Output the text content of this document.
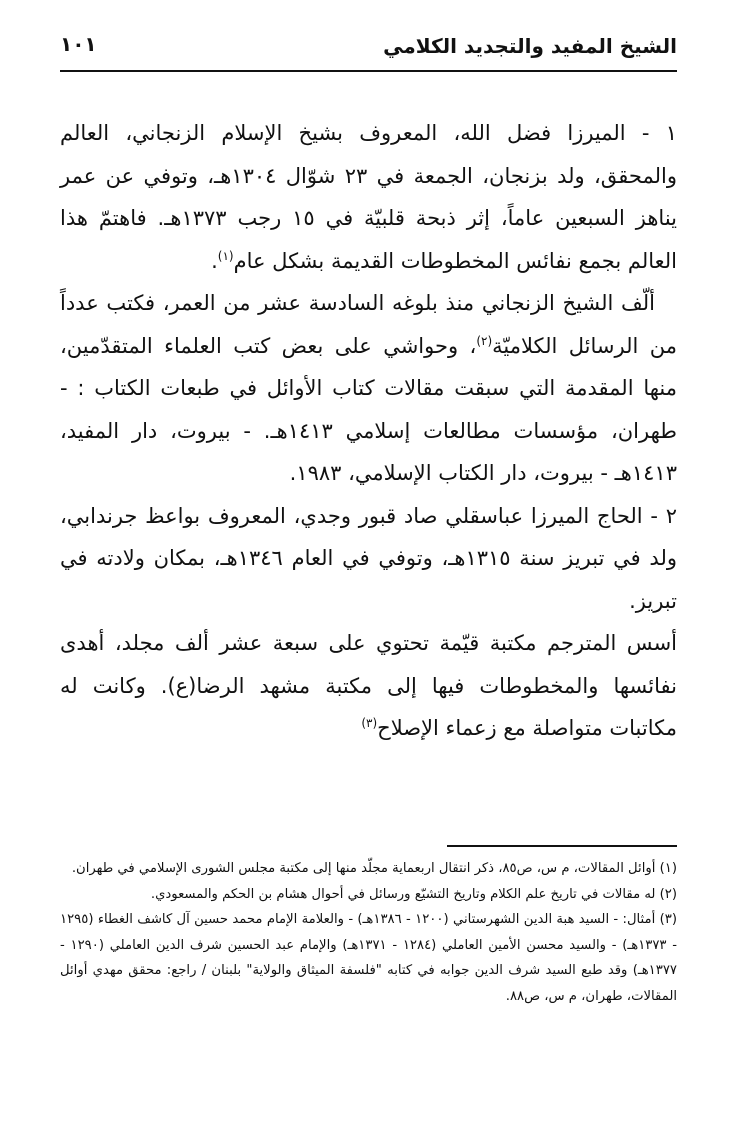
الشيخ المفيد والتجديد الكلامي
١٠١

١ - الميرزا فضل الله، المعروف بشيخ الإسلام الزنجاني، العالم والمحقق، ولد بزنجان، الجمعة في ٢٣ شوّال ١٣٠٤هـ، وتوفي عن عمر يناهز السبعين عاماً، إثر ذبحة قلبيّة في ١٥ رجب ١٣٧٣هـ. فاهتمّ هذا العالم بجمع نفائس المخطوطات القديمة بشكل عام$^{(١)}$.

ألّف الشيخ الزنجاني منذ بلوغه السادسة عشر من العمر، فكتب عدداً من الرسائل الكلاميّة$^{(٢)}$، وحواشي على بعض كتب العلماء المتقدّمين، منها المقدمة التي سبقت مقالات كتاب الأوائل في طبعات الكتاب : - طهران، مؤسسات مطالعات إسلامي ١٤١٣هـ. - بيروت، دار المفيد، ١٤١٣هـ - بيروت، دار الكتاب الإسلامي، ١٩٨٣.

٢ - الحاج الميرزا عباسقلي صاد قبور وجدي، المعروف بواعظ جرندابي، ولد في تبريز سنة ١٣١٥هـ، وتوفي في العام ١٣٤٦هـ، بمكان ولادته في تبريز.

أسس المترجم مكتبة قيّمة تحتوي على سبعة عشر ألف مجلد، أهدى نفائسها والمخطوطات فيها إلى مكتبة مشهد الرضا(ع). وكانت له مكاتبات متواصلة مع زعماء الإصلاح$^{(٣)}$

(١) أوائل المقالات، م س، ص٨٥، ذكر انتقال اربعماية مجلّد منها إلى مكتبة مجلس الشورى الإسلامي في طهران.

(٢) له مقالات في تاريخ علم الكلام وتاريخ التشيّع ورسائل في أحوال هشام بن الحكم والمسعودي.

(٣) أمثال: - السيد هبة الدين الشهرستاني (١٢٠٠ - ١٣٨٦هـ) - والعلامة الإمام محمد حسين آل كاشف الغطاء (١٢٩٥ - ١٣٧٣هـ) - والسيد محسن الأمين العاملي (١٢٨٤ - ١٣٧١هـ) والإمام عبد الحسين شرف الدين العاملي (١٢٩٠ - ١٣٧٧هـ) وقد طبع السيد شرف الدين جوابه في كتابه "فلسفة الميثاق والولاية" بلبنان / راجع: محقق مهدي أوائل المقالات، طهران، م س، ص٨٨.
